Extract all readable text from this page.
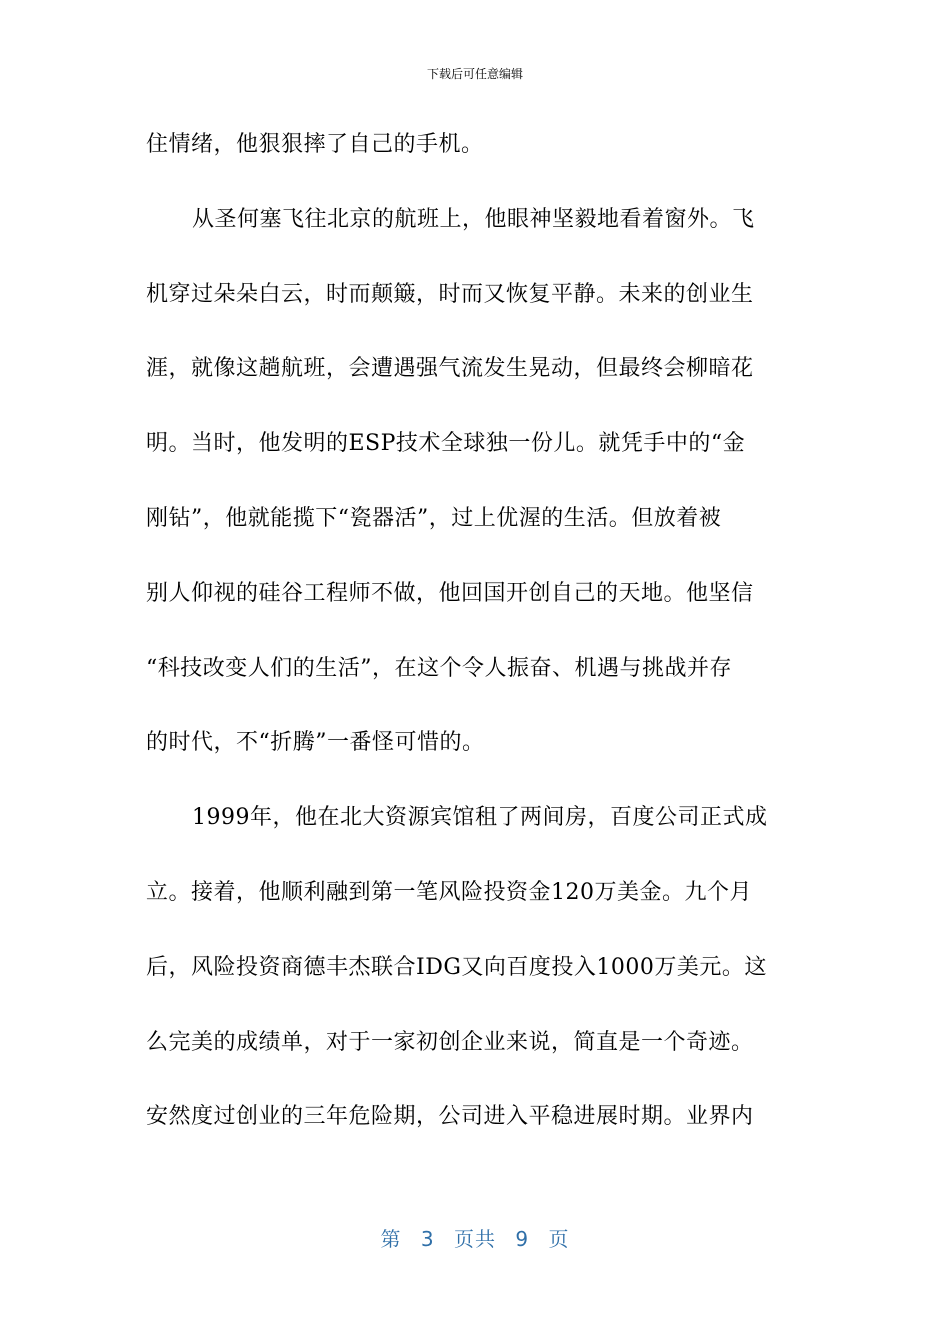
下载后可任意编辑
住情绪，他狠狠摔了自己的手机。
从圣何塞飞往北京的航班上，他眼神坚毅地看着窗外。飞
机穿过朵朵白云，时而颠簸，时而又恢复平静。未来的创业生
涯，就像这趟航班，会遭遇强气流发生晃动，但最终会柳暗花
明。当时，他发明的ESP技术全球独一份儿。就凭手中的“金
刚钻”，他就能揽下“瓷器活”，过上优渥的生活。但放着被
别人仰视的硅谷工程师不做，他回国开创自己的天地。他坚信
“科技改变人们的生活”，在这个令人振奋、机遇与挑战并存
的时代，不“折腾”一番怪可惜的。
1999年，他在北大资源宾馆租了两间房，百度公司正式成
立。接着，他顺利融到第一笔风险投资金120万美金。九个月
后，风险投资商德丰杰联合IDG又向百度投入1000万美元。这
么完美的成绩单，对于一家初创企业来说，简直是一个奇迹。
安然度过创业的三年危险期，公司进入平稳进展时期。业界内
第 3 页共 9 页
